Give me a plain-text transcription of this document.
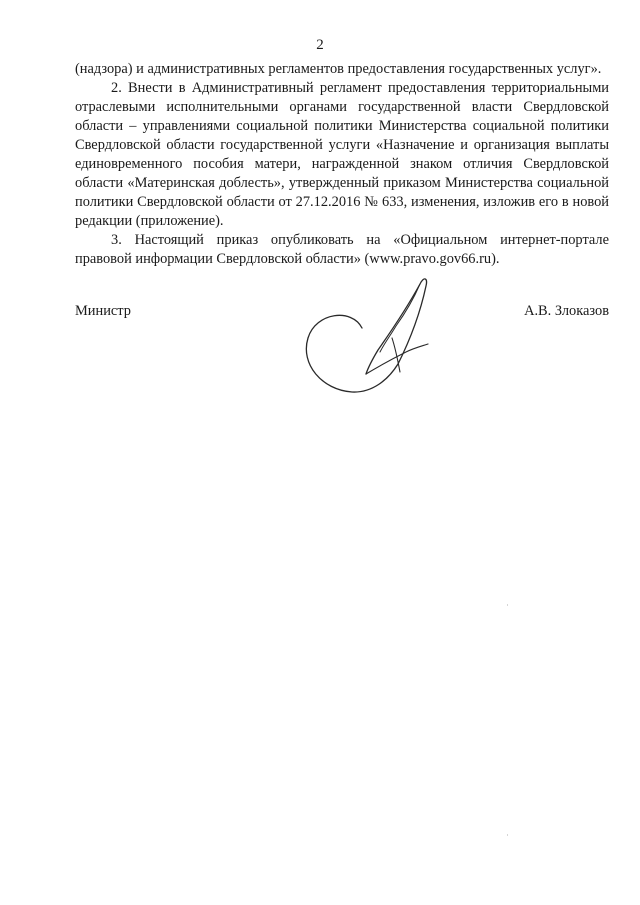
2

(надзора) и административных регламентов предоставления государственных услуг».

2. Внести в Административный регламент предоставления территориальными отраслевыми исполнительными органами государственной власти Свердловской области – управлениями социальной политики Министерства социальной политики Свердловской области государственной услуги «Назначение и организация выплаты единовременного пособия матери, награжденной знаком отличия Свердловской области «Материнская доблесть», утвержденный приказом Министерства социальной политики Свердловской области от 27.12.2016 № 633, изменения, изложив его в новой редакции (приложение).

3. Настоящий приказ опубликовать на «Официальном интернет-портале правовой информации Свердловской области» (www.pravo.gov66.ru).

Министр	А.В. Злоказов
